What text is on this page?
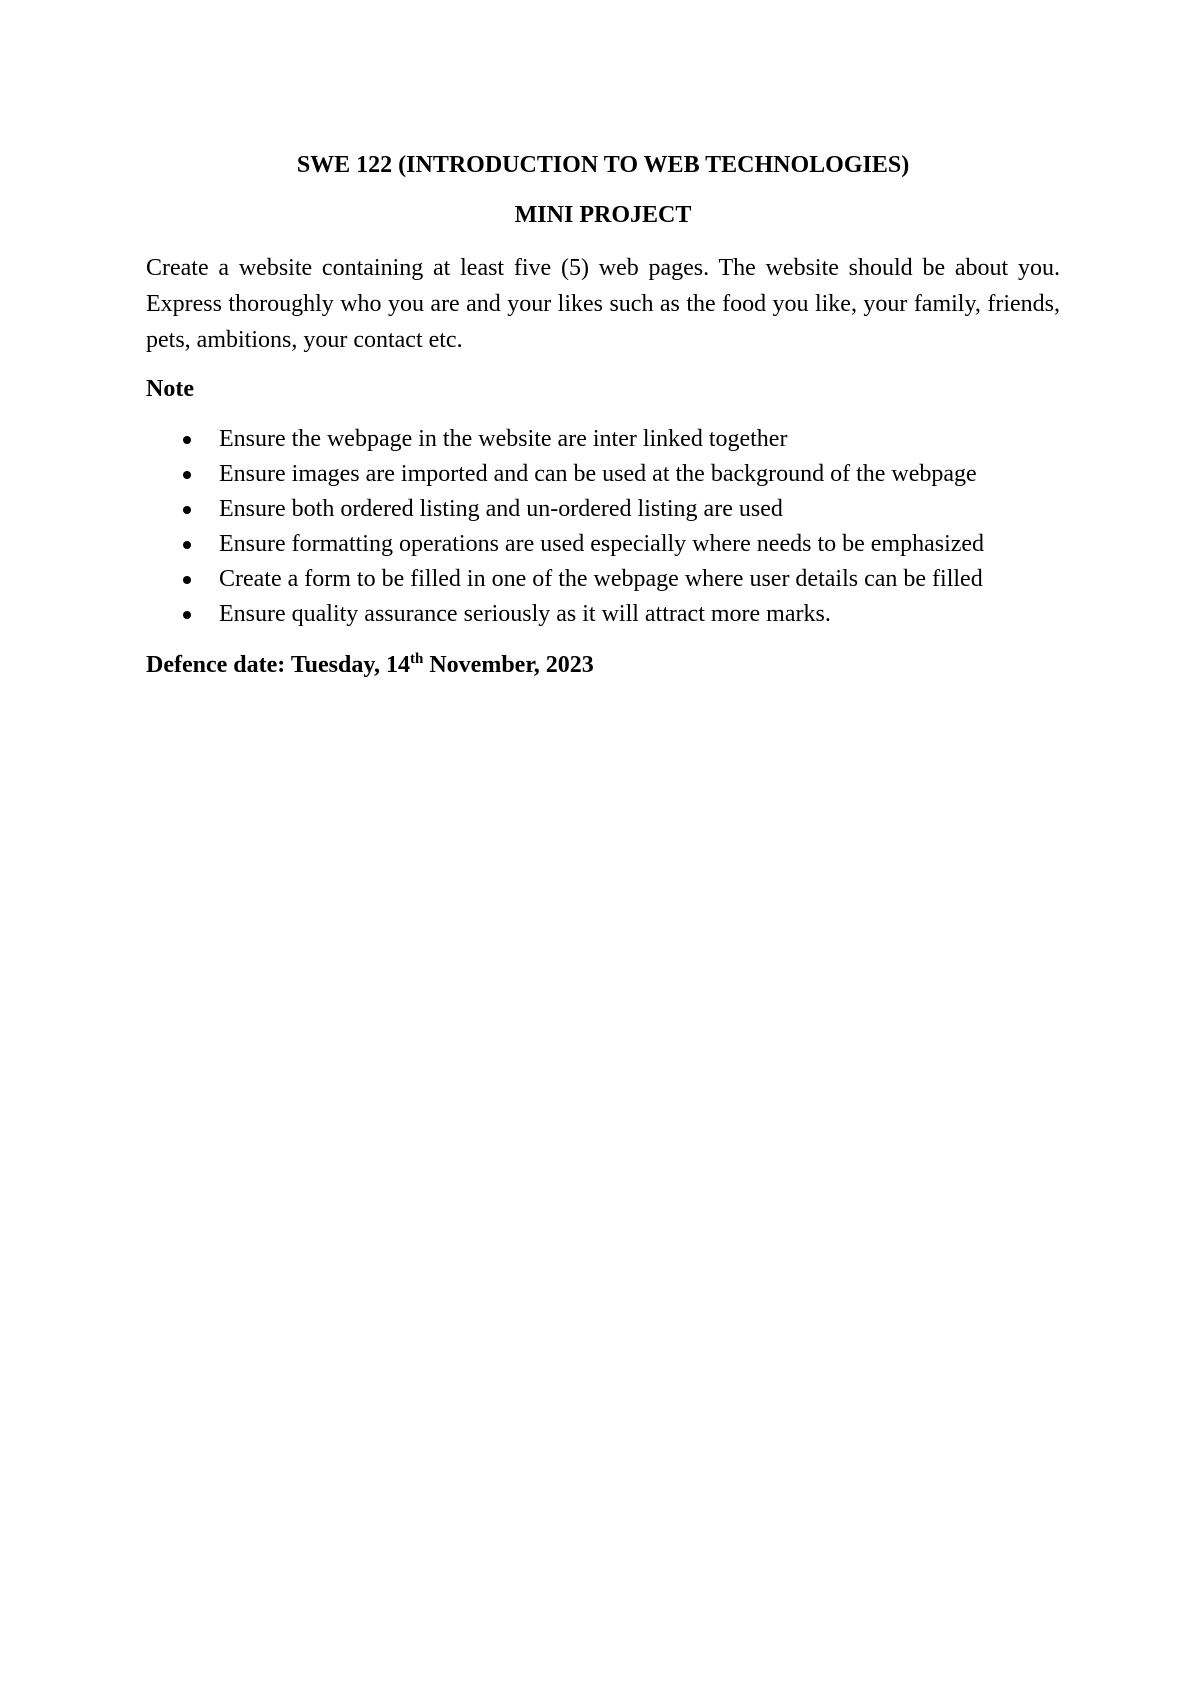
SWE 122 (INTRODUCTION TO WEB TECHNOLOGIES)

MINI PROJECT

Create a website containing at least five (5) web pages. The website should be about you. Express thoroughly who you are and your likes such as the food you like, your family, friends, pets, ambitions, your contact etc.

Note

Ensure the webpage in the website are inter linked together
Ensure images are imported and can be used at the background of the webpage
Ensure both ordered listing and un-ordered listing are used
Ensure formatting operations are used especially where needs to be emphasized
Create a form to be filled in one of the webpage where user details can be filled
Ensure quality assurance seriously as it will attract more marks.

Defence date: Tuesday, 14th November, 2023
